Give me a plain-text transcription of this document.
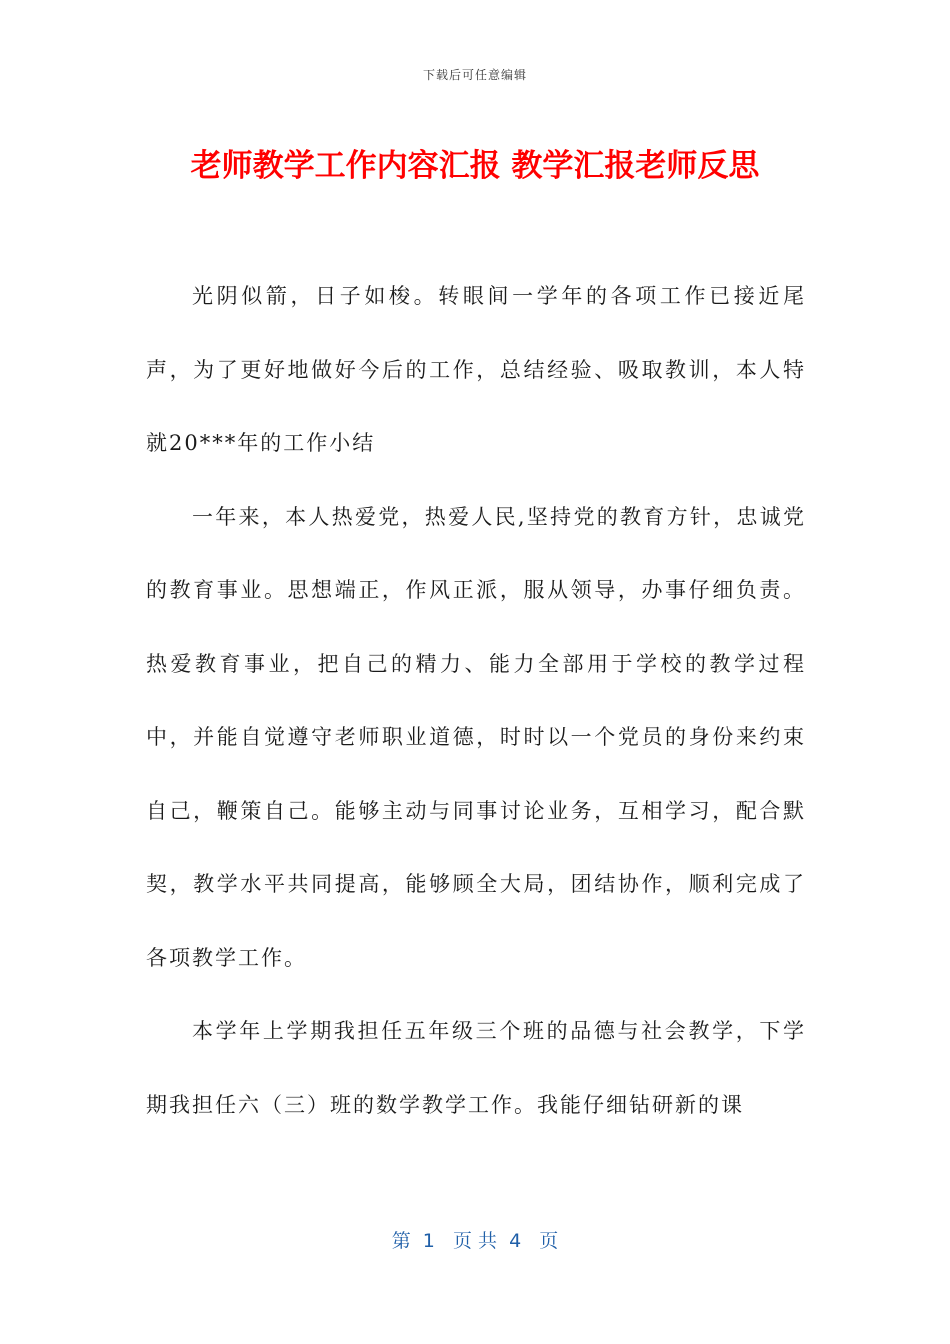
下载后可任意编辑
老师教学工作内容汇报 教学汇报老师反思

光阴似箭，日子如梭。转眼间一学年的各项工作已接近尾声，为了更好地做好今后的工作，总结经验、吸取教训，本人特就20***年的工作小结

一年来，本人热爱党，热爱人民,坚持党的教育方针，忠诚党的教育事业。思想端正，作风正派，服从领导，办事仔细负责。热爱教育事业，把自己的精力、能力全部用于学校的教学过程中，并能自觉遵守老师职业道德，时时以一个党员的身份来约束自己，鞭策自己。能够主动与同事讨论业务，互相学习，配合默契，教学水平共同提高，能够顾全大局，团结协作，顺利完成了各项教学工作。

本学年上学期我担任五年级三个班的品德与社会教学，下学期我担任六（三）班的数学教学工作。我能仔细钻研新的课

第  1   页 共  4   页
